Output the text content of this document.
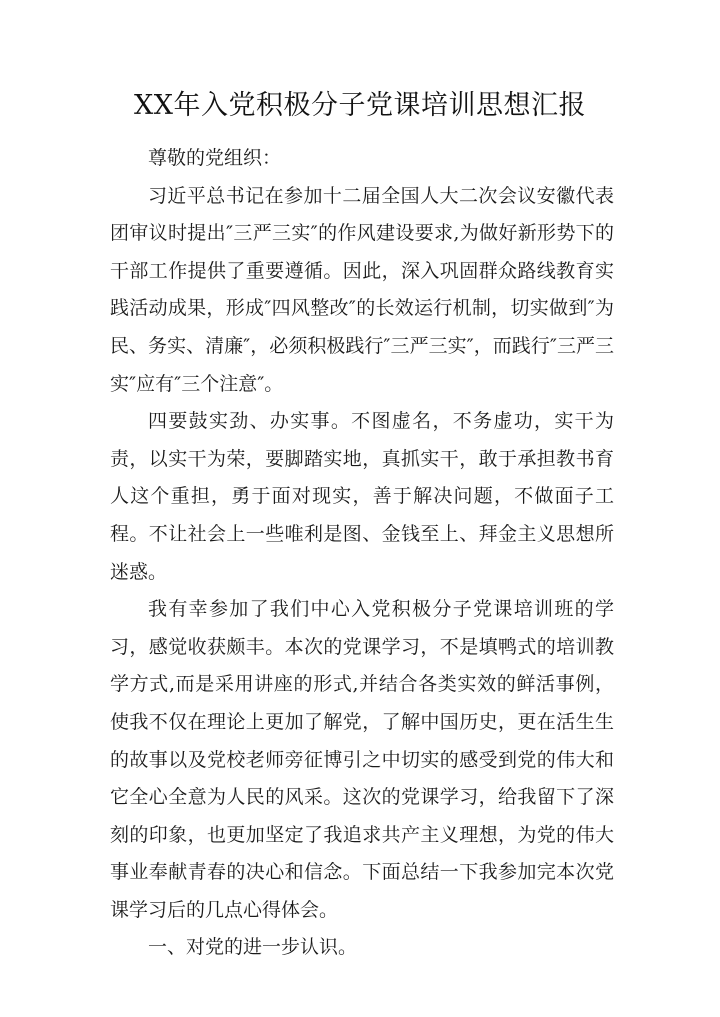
XX年入党积极分子党课培训思想汇报

尊敬的党组织：

习近平总书记在参加十二届全国人大二次会议安徽代表团审议时提出″三严三实″的作风建设要求,为做好新形势下的干部工作提供了重要遵循。因此，深入巩固群众路线教育实践活动成果，形成″四风整改″的长效运行机制，切实做到″为民、务实、清廉″，必须积极践行″三严三实″，而践行″三严三实″应有″三个注意″。

四要鼓实劲、办实事。不图虚名，不务虚功，实干为责，以实干为荣，要脚踏实地，真抓实干，敢于承担教书育人这个重担，勇于面对现实，善于解决问题，不做面子工程。不让社会上一些唯利是图、金钱至上、拜金主义思想所迷惑。

我有幸参加了我们中心入党积极分子党课培训班的学习，感觉收获颇丰。本次的党课学习，不是填鸭式的培训教学方式,而是采用讲座的形式,并结合各类实效的鲜活事例，使我不仅在理论上更加了解党，了解中国历史，更在活生生的故事以及党校老师旁征博引之中切实的感受到党的伟大和它全心全意为人民的风采。这次的党课学习，给我留下了深刻的印象，也更加坚定了我追求共产主义理想，为党的伟大事业奉献青春的决心和信念。下面总结一下我参加完本次党课学习后的几点心得体会。

一、对党的进一步认识。
